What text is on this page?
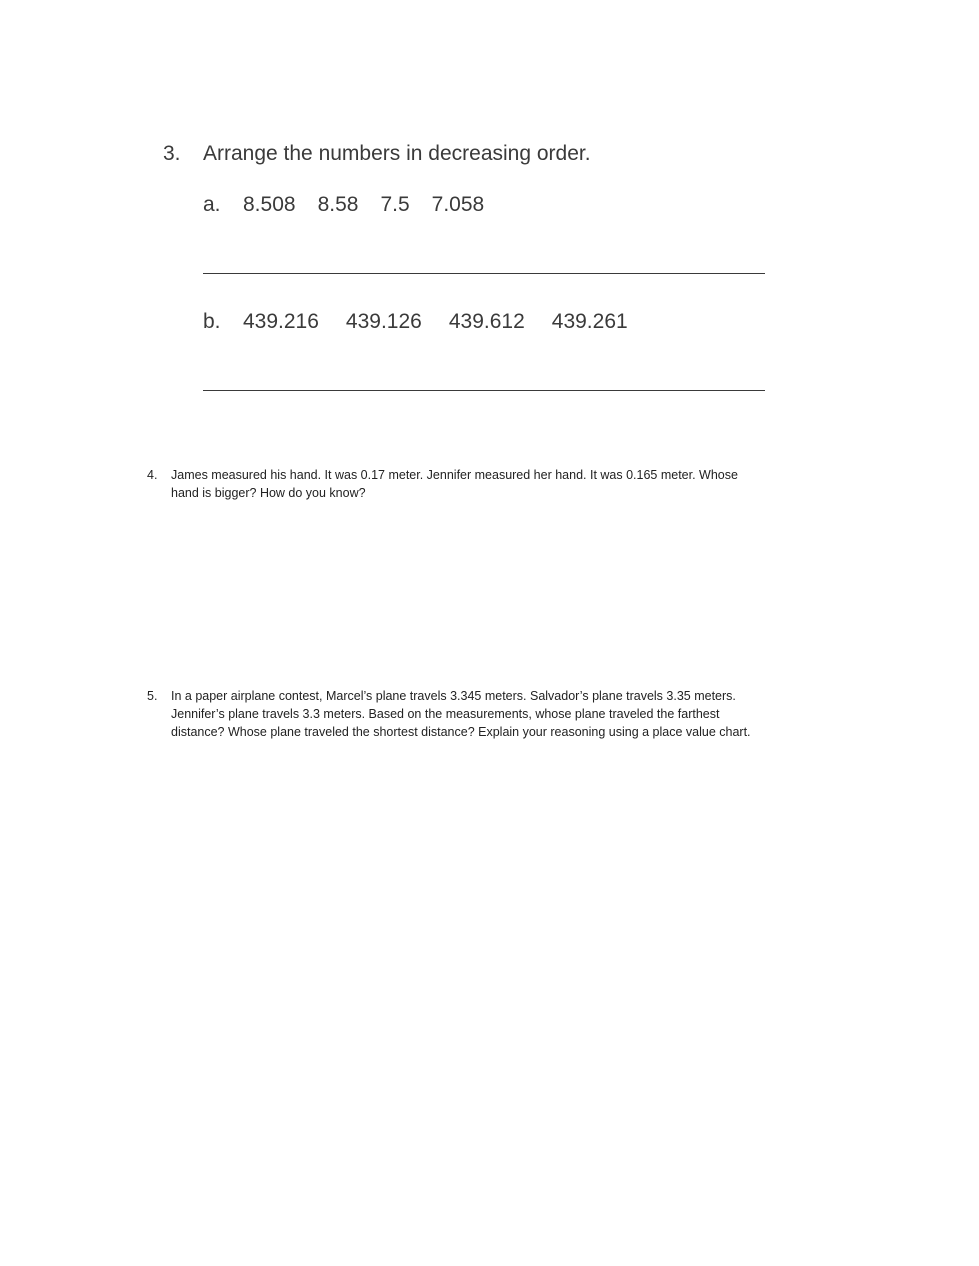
3.	Arrange the numbers in decreasing order.
a.	8.508 8.58 7.5 7.058
b.	439.216 439.126 439.612 439.261
4.	James measured his hand. It was 0.17 meter. Jennifer measured her hand. It was 0.165 meter. Whose
hand is bigger? How do you know?
5.	In a paper airplane contest, Marcel’s plane travels 3.345 meters. Salvador’s plane travels 3.35 meters.
Jennifer’s plane travels 3.3 meters. Based on the measurements, whose plane traveled the farthest
distance? Whose plane traveled the shortest distance? Explain your reasoning using a place value chart.
